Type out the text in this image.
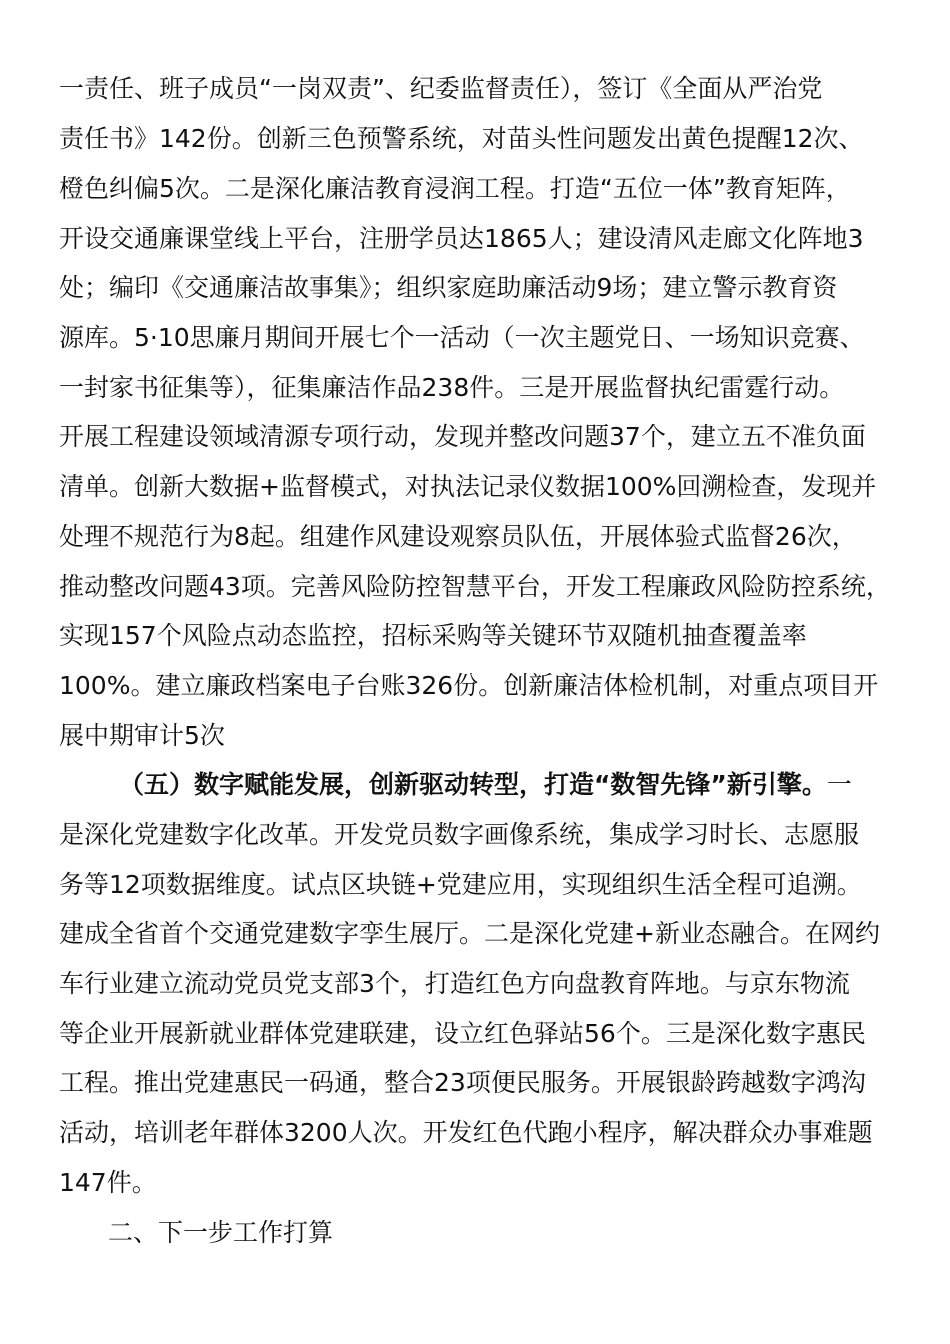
一责任、班子成员“一岗双责”、纪委监督责任），签订《全面从严治党
责任书》142份。创新三色预警系统，对苗头性问题发出黄色提醒12次、
橙色纠偏5次。二是深化廉洁教育浸润工程。打造“五位一体”教育矩阵，
开设交通廉课堂线上平台，注册学员达1865人；建设清风走廊文化阵地3
处；编印《交通廉洁故事集》；组织家庭助廉活动9场；建立警示教育资
源库。5·10思廉月期间开展七个一活动（一次主题党日、一场知识竞赛、
一封家书征集等），征集廉洁作品238件。三是开展监督执纪雷霆行动。
开展工程建设领域清源专项行动，发现并整改问题37个，建立五不准负面
清单。创新大数据+监督模式，对执法记录仪数据100%回溯检查，发现并
处理不规范行为8起。组建作风建设观察员队伍，开展体验式监督26次，
推动整改问题43项。完善风险防控智慧平台，开发工程廉政风险防控系统，
实现157个风险点动态监控，招标采购等关键环节双随机抽查覆盖率
100%。建立廉政档案电子台账326份。创新廉洁体检机制，对重点项目开
展中期审计5次
（五）数字赋能发展，创新驱动转型，打造“数智先锋”新引擎。一
是深化党建数字化改革。开发党员数字画像系统，集成学习时长、志愿服
务等12项数据维度。试点区块链+党建应用，实现组织生活全程可追溯。
建成全省首个交通党建数字孪生展厅。二是深化党建+新业态融合。在网约
车行业建立流动党员党支部3个，打造红色方向盘教育阵地。与京东物流
等企业开展新就业群体党建联建，设立红色驿站56个。三是深化数字惠民
工程。推出党建惠民一码通，整合23项便民服务。开展银龄跨越数字鸿沟
活动，培训老年群体3200人次。开发红色代跑小程序，解决群众办事难题
147件。
二、下一步工作打算
